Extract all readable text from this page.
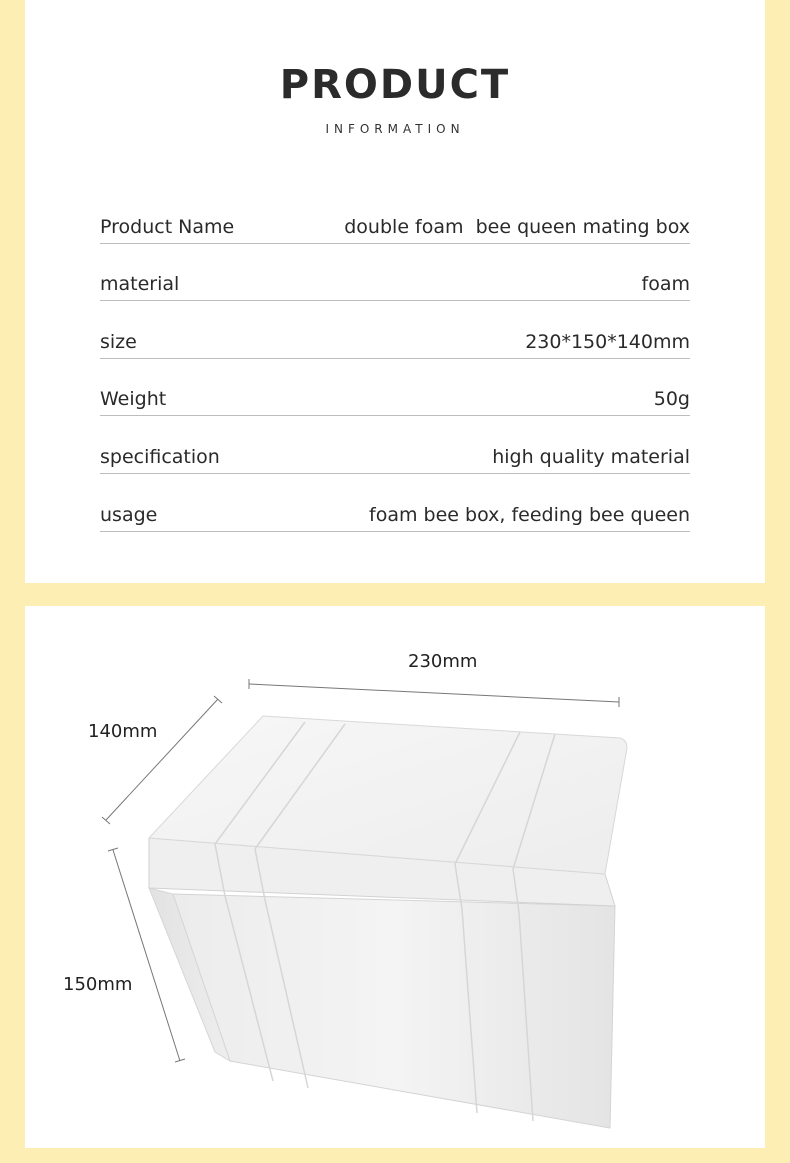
PRODUCT
INFORMATION
Product Name	double foam  bee queen mating box
material	foam
size	230*150*140mm
Weight	50g
specification	high quality material
usage	foam bee box, feeding bee queen
230mm
140mm
150mm
